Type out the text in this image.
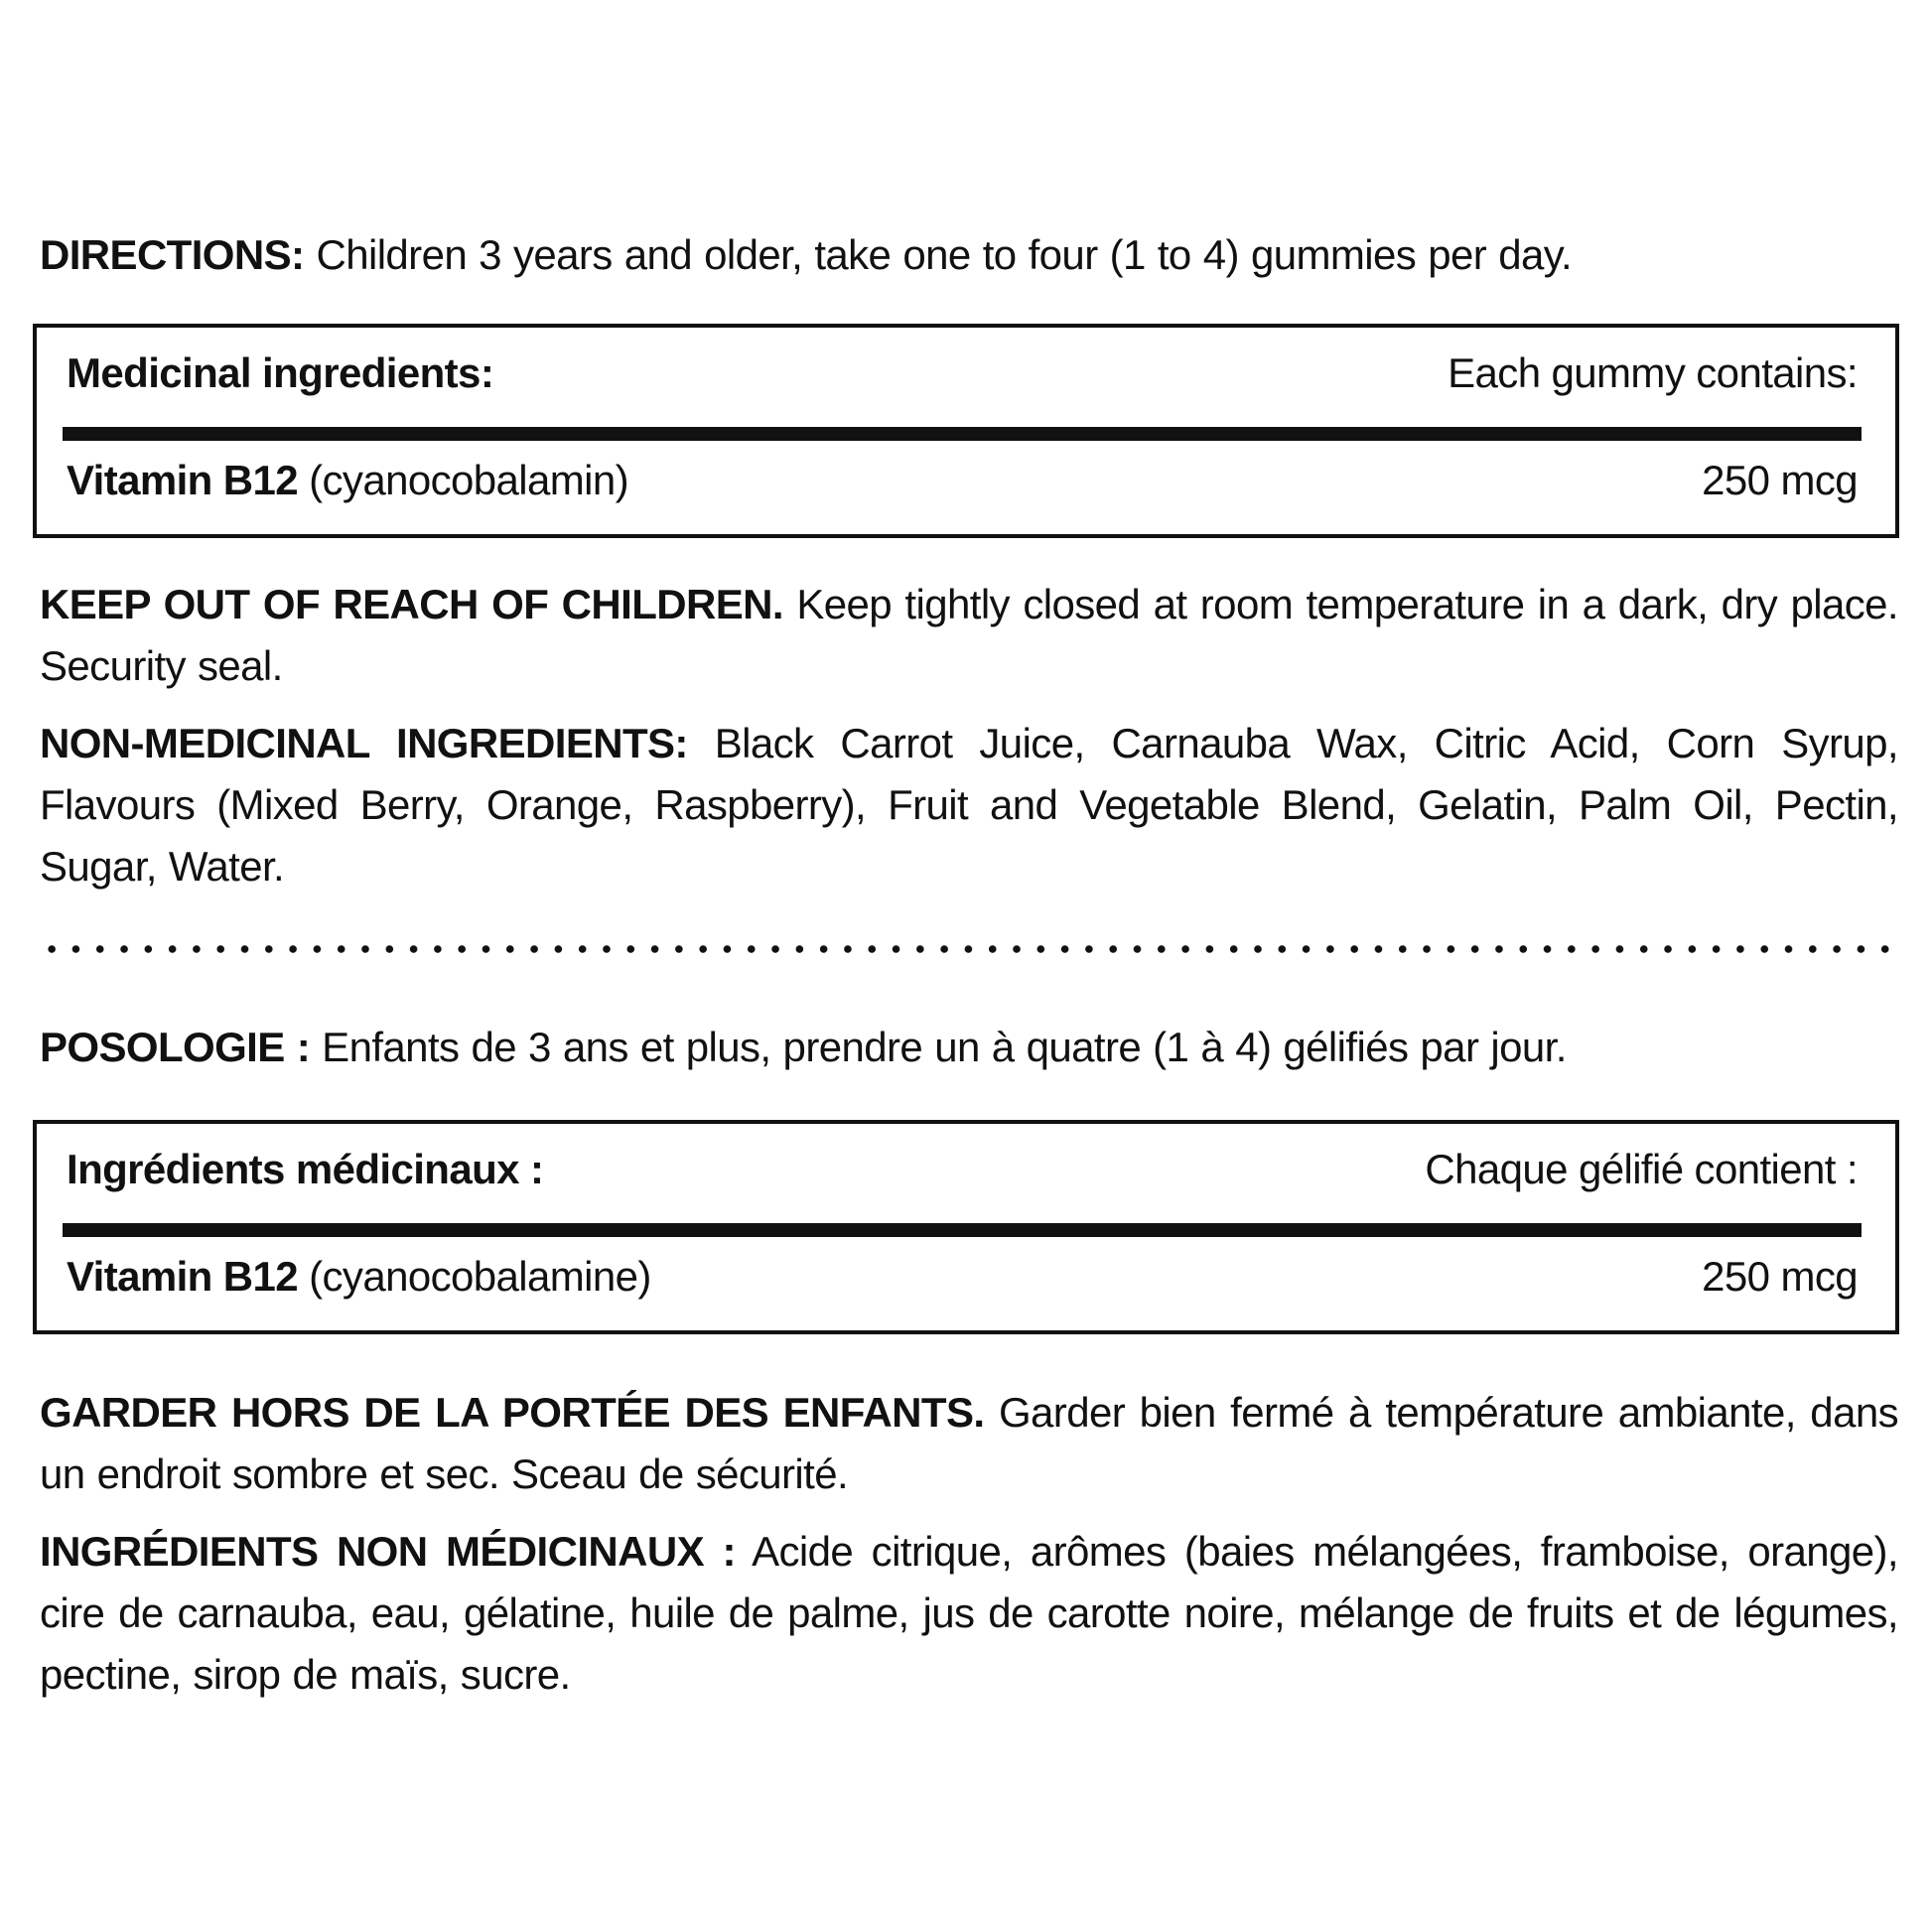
DIRECTIONS: Children 3 years and older, take one to four (1 to 4) gummies per day.

Medicinal ingredients:	Each gummy contains:
Vitamin B12 (cyanocobalamin)	250 mcg

KEEP OUT OF REACH OF CHILDREN. Keep tightly closed at room temperature in a dark, dry place. Security seal.

NON-MEDICINAL INGREDIENTS: Black Carrot Juice, Carnauba Wax, Citric Acid, Corn Syrup, Flavours (Mixed Berry, Orange, Raspberry), Fruit and Vegetable Blend, Gelatin, Palm Oil, Pectin, Sugar, Water.

POSOLOGIE : Enfants de 3 ans et plus, prendre un à quatre (1 à 4) gélifiés par jour.

Ingrédients médicinaux :	Chaque gélifié contient :
Vitamin B12 (cyanocobalamine)	250 mcg

GARDER HORS DE LA PORTÉE DES ENFANTS. Garder bien fermé à température ambiante, dans un endroit sombre et sec. Sceau de sécurité.

INGRÉDIENTS NON MÉDICINAUX : Acide citrique, arômes (baies mélangées, framboise, orange), cire de carnauba, eau, gélatine, huile de palme, jus de carotte noire, mélange de fruits et de légumes, pectine, sirop de maïs, sucre.
